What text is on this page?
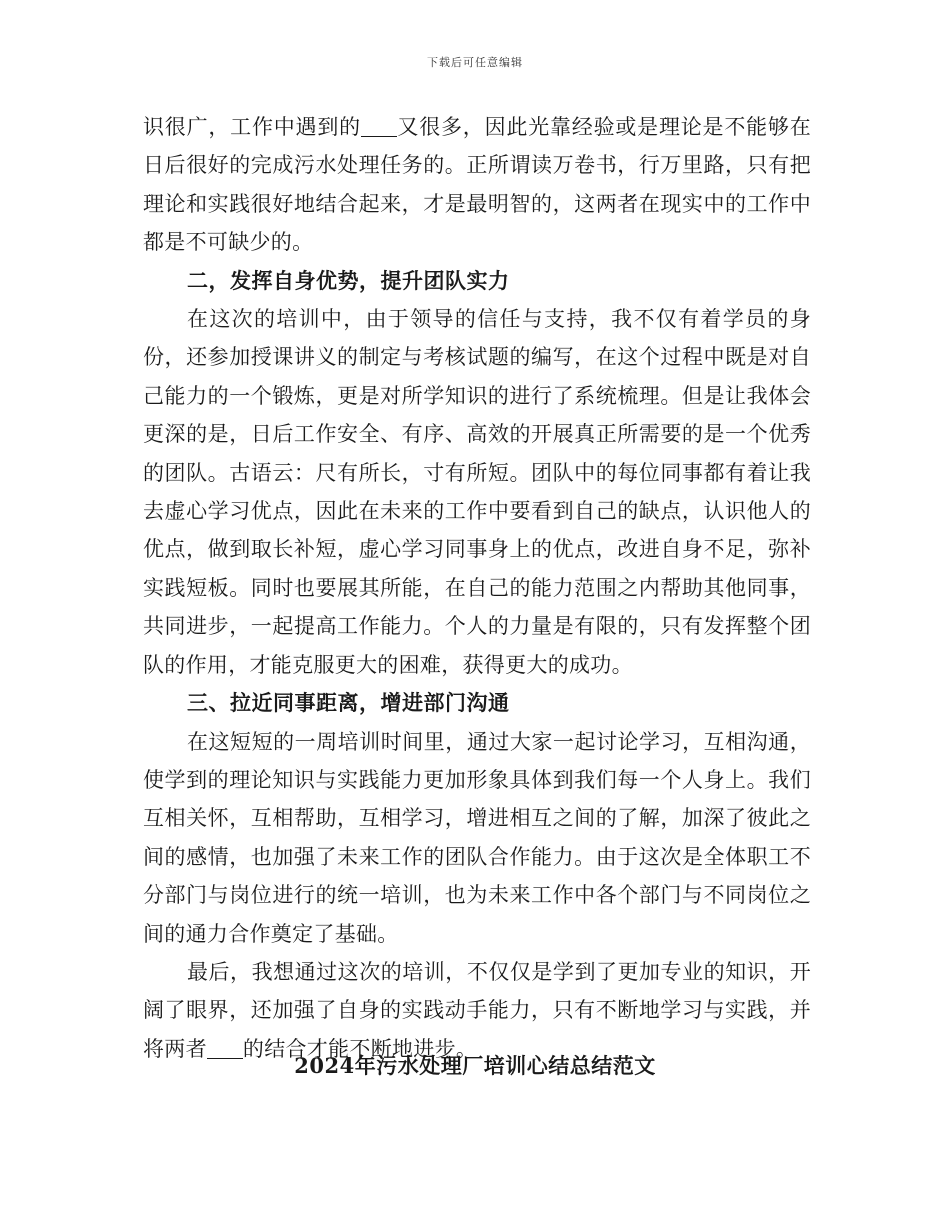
下载后可任意编辑

识很广，工作中遇到的 又很多，因此光靠经验或是理论是不能够在日后很好的完成污水处理任务的。正所谓读万卷书，行万里路，只有把理论和实践很好地结合起来，才是最明智的，这两者在现实中的工作中都是不可缺少的。

二，发挥自身优势，提升团队实力

在这次的培训中，由于领导的信任与支持，我不仅有着学员的身份，还参加授课讲义的制定与考核试题的编写，在这个过程中既是对自己能力的一个锻炼，更是对所学知识的进行了系统梳理。但是让我体会更深的是，日后工作安全、有序、高效的开展真正所需要的是一个优秀的团队。古语云：尺有所长，寸有所短。团队中的每位同事都有着让我去虚心学习优点，因此在未来的工作中要看到自己的缺点，认识他人的优点，做到取长补短，虚心学习同事身上的优点，改进自身不足，弥补实践短板。同时也要展其所能，在自己的能力范围之内帮助其他同事，共同进步，一起提高工作能力。个人的力量是有限的，只有发挥整个团队的作用，才能克服更大的困难，获得更大的成功。

三、拉近同事距离，增进部门沟通

在这短短的一周培训时间里，通过大家一起讨论学习，互相沟通，使学到的理论知识与实践能力更加形象具体到我们每一个人身上。我们互相关怀，互相帮助，互相学习，增进相互之间的了解，加深了彼此之间的感情，也加强了未来工作的团队合作能力。由于这次是全体职工不分部门与岗位进行的统一培训，也为未来工作中各个部门与不同岗位之间的通力合作奠定了基础。

最后，我想通过这次的培训，不仅仅是学到了更加专业的知识，开阔了眼界，还加强了自身的实践动手能力，只有不断地学习与实践，并将两者 的结合才能不断地进步。

2024年污水处理厂培训心结总结范文
